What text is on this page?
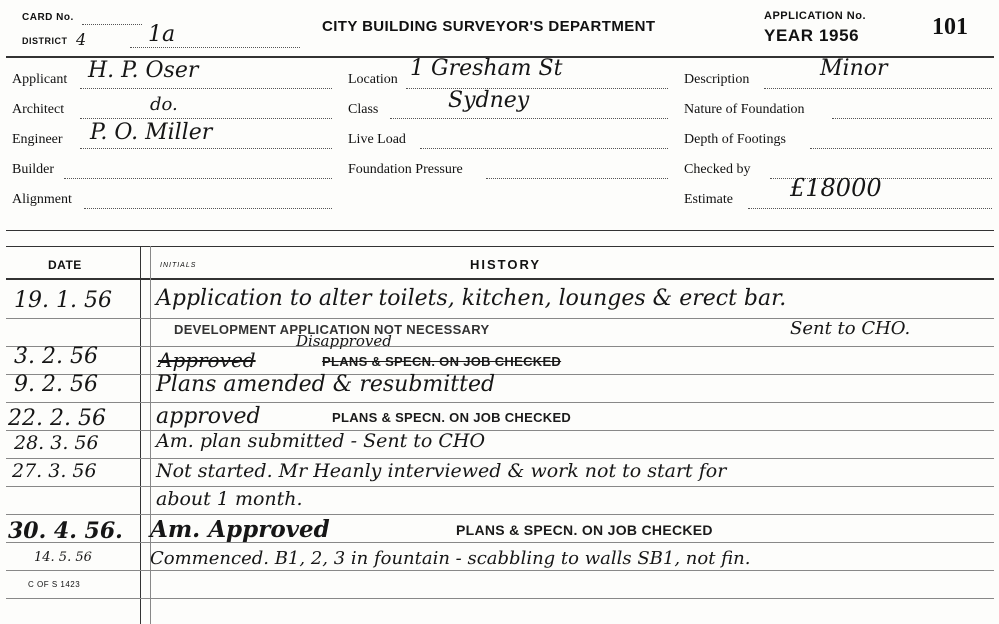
CARD No.
DISTRICT 4	1a	CITY BUILDING SURVEYOR'S DEPARTMENT
APPLICATION No.
YEAR 1956	101
Applicant H. P. Oser
Architect	do.
Engineer P. O. Miller
Builder
Alignment
Location 1 Gresham St
Class	Sydney
Live Load
Foundation Pressure
Description	Minor
Nature of Foundation
Depth of Footings
Checked by
Estimate £18000
DATE	INITIALS	HISTORY
19. 1. 56 Application to alter toilets, kitchen, lounges & erect bar.
DEVELOPMENT APPLICATION NOT NECESSARY	Sent to CHO.
3. 2. 56	Approved
Disapproved
PLANS & SPECN. ON JOB CHECKED
9. 2. 56	Plans amended & resubmitted
22. 2. 56 approved	PLANS & SPECN. ON JOB CHECKED
28. 3. 56	Am. plan submitted - Sent to CHO
27. 3. 56	Not started. Mr Heanly interviewed & work not to start for
about 1 month.
30. 4. 56. Am. Approved	PLANS & SPECN. ON JOB CHECKED
14. 5. 56	Commenced. B1, 2, 3 in fountain - scabbling to walls SB1, not fin.
C OF S 1423
